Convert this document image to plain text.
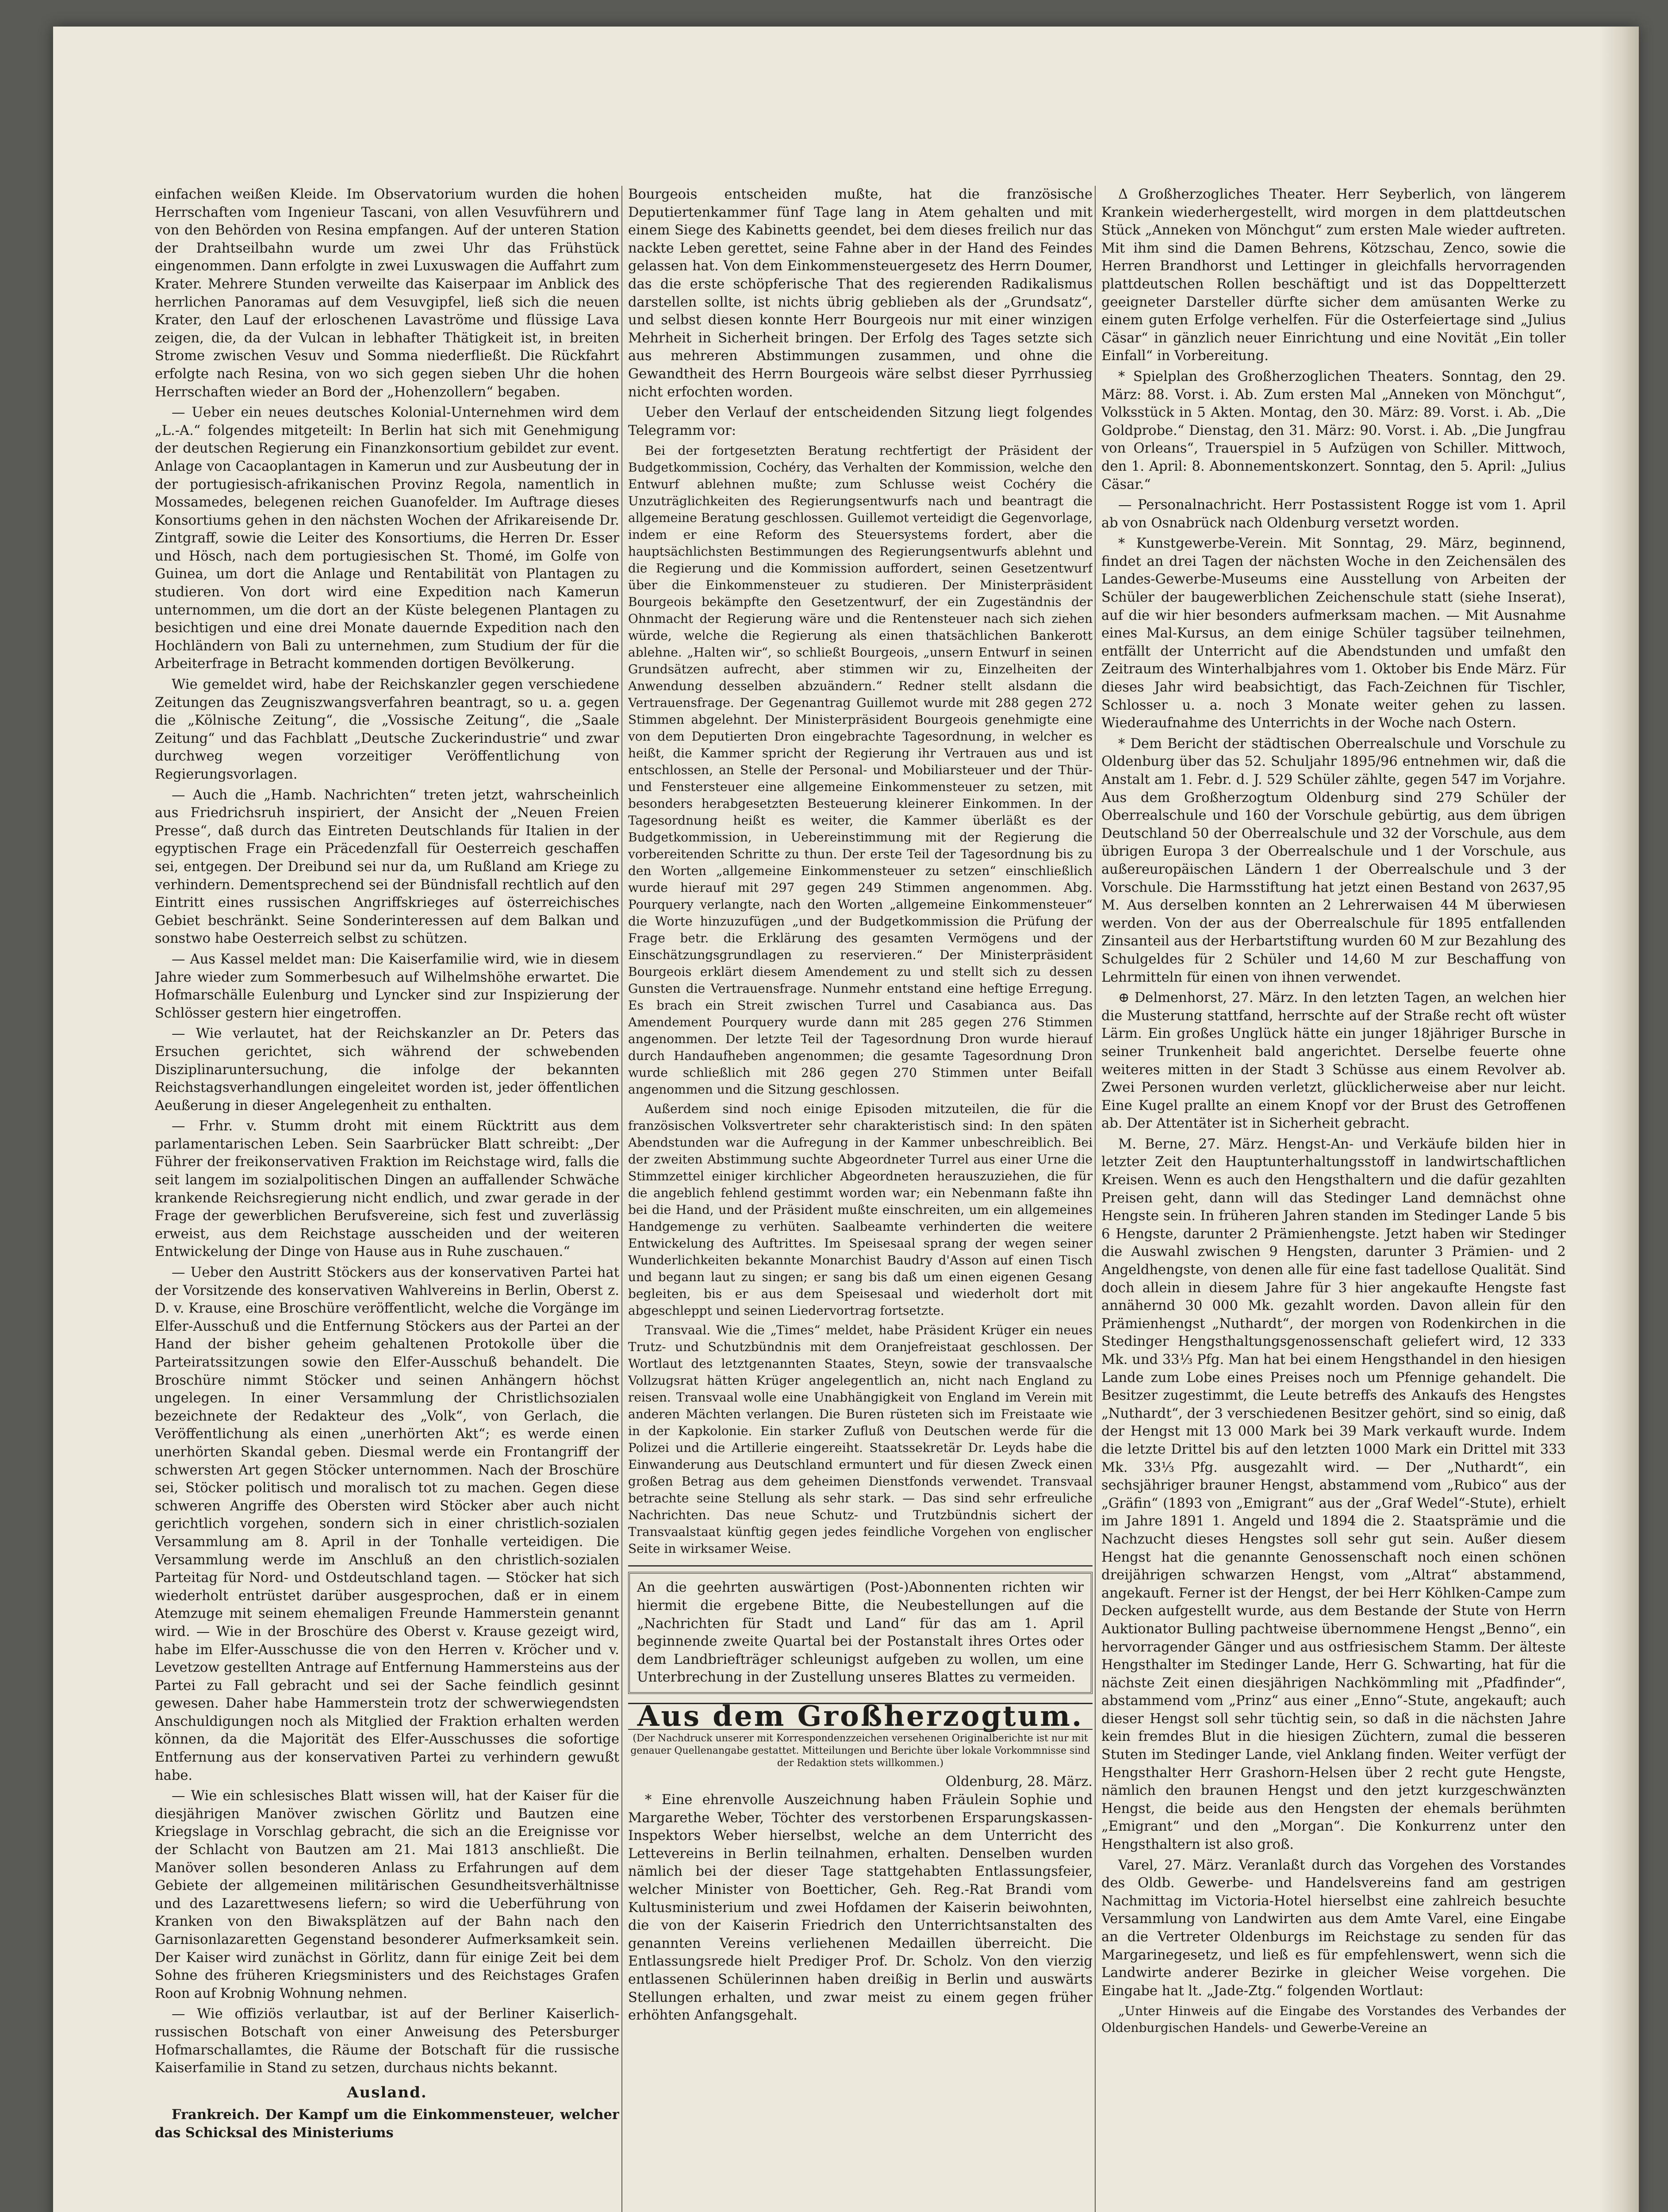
einfachen weißen Kleide. Im Observatorium wurden die hohen Herrschaften vom Ingenieur Tascani, von allen Vesuvführern und von den Behörden von Resina empfangen. Auf der unteren Station der Drahtseilbahn wurde um zwei Uhr das Frühstück eingenommen. Dann erfolgte in zwei Luxuswagen die Auffahrt zum Krater. Mehrere Stunden verweilte das Kaiserpaar im Anblick des herrlichen Panoramas auf dem Vesuvgipfel, ließ sich die neuen Krater, den Lauf der erloschenen Lavaströme und flüssige Lava zeigen, die, da der Vulcan in lebhafter Thätigkeit ist, in breiten Strome zwischen Vesuv und Somma niederfließt. Die Rückfahrt erfolgte nach Resina, von wo sich gegen sieben Uhr die hohen Herrschaften wieder an Bord der „Hohenzollern“ begaben.

— Ueber ein neues deutsches Kolonial-Unternehmen wird dem „L.-A.“ folgendes mitgeteilt: In Berlin hat sich mit Genehmigung der deutschen Regierung ein Finanzkonsortium gebildet zur event. Anlage von Cacaoplantagen in Kamerun und zur Ausbeutung der in der portugiesisch-afrikanischen Provinz Regola, namentlich in Mossamedes, belegenen reichen Guanofelder. Im Auftrage dieses Konsortiums gehen in den nächsten Wochen der Afrikareisende Dr. Zintgraff, sowie die Leiter des Konsortiums, die Herren Dr. Esser und Hösch, nach dem portugiesischen St. Thomé, im Golfe von Guinea, um dort die Anlage und Rentabilität von Plantagen zu studieren. Von dort wird eine Expedition nach Kamerun unternommen, um die dort an der Küste belegenen Plantagen zu besichtigen und eine drei Monate dauernde Expedition nach den Hochländern von Bali zu unternehmen, zum Studium der für die Arbeiterfrage in Betracht kommenden dortigen Bevölkerung.

Wie gemeldet wird, habe der Reichskanzler gegen verschiedene Zeitungen das Zeugniszwangsverfahren beantragt, so u. a. gegen die „Kölnische Zeitung“, die „Vossische Zeitung“, die „Saale Zeitung“ und das Fachblatt „Deutsche Zuckerindustrie“ und zwar durchweg wegen vorzeitiger Veröffentlichung von Regierungsvorlagen.

— Auch die „Hamb. Nachrichten“ treten jetzt, wahrscheinlich aus Friedrichsruh inspiriert, der Ansicht der „Neuen Freien Presse“, daß durch das Eintreten Deutschlands für Italien in der egyptischen Frage ein Präcedenzfall für Oesterreich geschaffen sei, entgegen. Der Dreibund sei nur da, um Rußland am Kriege zu verhindern. Dementsprechend sei der Bündnisfall rechtlich auf den Eintritt eines russischen Angriffskrieges auf österreichisches Gebiet beschränkt. Seine Sonderinteressen auf dem Balkan und sonstwo habe Oesterreich selbst zu schützen.

— Aus Kassel meldet man: Die Kaiserfamilie wird, wie in diesem Jahre wieder zum Sommerbesuch auf Wilhelmshöhe erwartet. Die Hofmarschälle Eulenburg und Lyncker sind zur Inspizierung der Schlösser gestern hier eingetroffen.

— Wie verlautet, hat der Reichskanzler an Dr. Peters das Ersuchen gerichtet, sich während der schwebenden Disziplinaruntersuchung, die infolge der bekannten Reichstagsverhandlungen eingeleitet worden ist, jeder öffentlichen Aeußerung in dieser Angelegenheit zu enthalten.

— Frhr. v. Stumm droht mit einem Rücktritt aus dem parlamentarischen Leben. Sein Saarbrücker Blatt schreibt: „Der Führer der freikonservativen Fraktion im Reichstage wird, falls die seit langem im sozialpolitischen Dingen an auffallender Schwäche krankende Reichsregierung nicht endlich, und zwar gerade in der Frage der gewerblichen Berufsvereine, sich fest und zuverlässig erweist, aus dem Reichstage ausscheiden und der weiteren Entwickelung der Dinge von Hause aus in Ruhe zuschauen.“

— Ueber den Austritt Stöckers aus der konservativen Partei hat der Vorsitzende des konservativen Wahlvereins in Berlin, Oberst z. D. v. Krause, eine Broschüre veröffentlicht, welche die Vorgänge im Elfer-Ausschuß und die Entfernung Stöckers aus der Partei an der Hand der bisher geheim gehaltenen Protokolle über die Parteiratssitzungen sowie den Elfer-Ausschuß behandelt. Die Broschüre nimmt Stöcker und seinen Anhängern höchst ungelegen. In einer Versammlung der Christlichsozialen bezeichnete der Redakteur des „Volk“, von Gerlach, die Veröffentlichung als einen „unerhörten Akt“; es werde einen unerhörten Skandal geben. Diesmal werde ein Frontangriff der schwersten Art gegen Stöcker unternommen. Nach der Broschüre sei, Stöcker politisch und moralisch tot zu machen. Gegen diese schweren Angriffe des Obersten wird Stöcker aber auch nicht gerichtlich vorgehen, sondern sich in einer christlich-sozialen Versammlung am 8. April in der Tonhalle verteidigen. Die Versammlung werde im Anschluß an den christlich-sozialen Parteitag für Nord- und Ostdeutschland tagen. — Stöcker hat sich wiederholt entrüstet darüber ausgesprochen, daß er in einem Atemzuge mit seinem ehemaligen Freunde Hammerstein genannt wird. — Wie in der Broschüre des Oberst v. Krause gezeigt wird, habe im Elfer-Ausschusse die von den Herren v. Kröcher und v. Levetzow gestellten Antrage auf Entfernung Hammersteins aus der Partei zu Fall gebracht und sei der Sache feindlich gesinnt gewesen. Daher habe Hammerstein trotz der schwerwiegendsten Anschuldigungen noch als Mitglied der Fraktion erhalten werden können, da die Majorität des Elfer-Ausschusses die sofortige Entfernung aus der konservativen Partei zu verhindern gewußt habe.

— Wie ein schlesisches Blatt wissen will, hat der Kaiser für die diesjährigen Manöver zwischen Görlitz und Bautzen eine Kriegslage in Vorschlag gebracht, die sich an die Ereignisse vor der Schlacht von Bautzen am 21. Mai 1813 anschließt. Die Manöver sollen besonderen Anlass zu Erfahrungen auf dem Gebiete der allgemeinen militärischen Gesundheitsverhältnisse und des Lazarettwesens liefern; so wird die Ueberführung von Kranken von den Biwaksplätzen auf der Bahn nach den Garnisonlazaretten Gegenstand besonderer Aufmerksamkeit sein. Der Kaiser wird zunächst in Görlitz, dann für einige Zeit bei dem Sohne des früheren Kriegsministers und des Reichstages Grafen Roon auf Krobnig Wohnung nehmen.

— Wie offiziös verlautbar, ist auf der Berliner Kaiserlich-russischen Botschaft von einer Anweisung des Petersburger Hofmarschallamtes, die Räume der Botschaft für die russische Kaiserfamilie in Stand zu setzen, durchaus nichts bekannt.

Ausland.

Frankreich. Der Kampf um die Einkommensteuer, welcher das Schicksal des Ministeriums

Bourgeois entscheiden mußte, hat die französische Deputiertenkammer fünf Tage lang in Atem gehalten und mit einem Siege des Kabinetts geendet, bei dem dieses freilich nur das nackte Leben gerettet, seine Fahne aber in der Hand des Feindes gelassen hat. Von dem Einkommensteuergesetz des Herrn Doumer, das die erste schöpferische That des regierenden Radikalismus darstellen sollte, ist nichts übrig geblieben als der „Grundsatz“, und selbst diesen konnte Herr Bourgeois nur mit einer winzigen Mehrheit in Sicherheit bringen. Der Erfolg des Tages setzte sich aus mehreren Abstimmungen zusammen, und ohne die Gewandtheit des Herrn Bourgeois wäre selbst dieser Pyrrhussieg nicht erfochten worden.

Ueber den Verlauf der entscheidenden Sitzung liegt folgendes Telegramm vor:

Bei der fortgesetzten Beratung rechtfertigt der Präsident der Budgetkommission, Cochéry, das Verhalten der Kommission, welche den Entwurf ablehnen mußte; zum Schlusse weist Cochéry die Unzuträglichkeiten des Regierungsentwurfs nach und beantragt die allgemeine Beratung geschlossen. Guillemot verteidigt die Gegenvorlage, indem er eine Reform des Steuersystems fordert, aber die hauptsächlichsten Bestimmungen des Regierungsentwurfs ablehnt und die Regierung und die Kommission auffordert, seinen Gesetzentwurf über die Einkommensteuer zu studieren. Der Ministerpräsident Bourgeois bekämpfte den Gesetzentwurf, der ein Zugeständnis der Ohnmacht der Regierung wäre und die Rentensteuer nach sich ziehen würde, welche die Regierung als einen thatsächlichen Bankerott ablehne. „Halten wir“, so schließt Bourgeois, „unsern Entwurf in seinen Grundsätzen aufrecht, aber stimmen wir zu, Einzelheiten der Anwendung desselben abzuändern.“ Redner stellt alsdann die Vertrauensfrage. Der Gegenantrag Guillemot wurde mit 288 gegen 272 Stimmen abgelehnt. Der Ministerpräsident Bourgeois genehmigte eine von dem Deputierten Dron eingebrachte Tagesordnung, in welcher es heißt, die Kammer spricht der Regierung ihr Vertrauen aus und ist entschlossen, an Stelle der Personal- und Mobiliarsteuer und der Thür- und Fenstersteuer eine allgemeine Einkommensteuer zu setzen, mit besonders herabgesetzten Besteuerung kleinerer Einkommen. In der Tagesordnung heißt es weiter, die Kammer überläßt es der Budgetkommission, in Uebereinstimmung mit der Regierung die vorbereitenden Schritte zu thun. Der erste Teil der Tagesordnung bis zu den Worten „allgemeine Einkommensteuer zu setzen“ einschließlich wurde hierauf mit 297 gegen 249 Stimmen angenommen. Abg. Pourquery verlangte, nach den Worten „allgemeine Einkommensteuer“ die Worte hinzuzufügen „und der Budgetkommission die Prüfung der Frage betr. die Erklärung des gesamten Vermögens und der Einschätzungsgrundlagen zu reservieren.“ Der Ministerpräsident Bourgeois erklärt diesem Amendement zu und stellt sich zu dessen Gunsten die Vertrauensfrage. Nunmehr entstand eine heftige Erregung. Es brach ein Streit zwischen Turrel und Casabianca aus. Das Amendement Pourquery wurde dann mit 285 gegen 276 Stimmen angenommen. Der letzte Teil der Tagesordnung Dron wurde hierauf durch Handaufheben angenommen; die gesamte Tagesordnung Dron wurde schließlich mit 286 gegen 270 Stimmen unter Beifall angenommen und die Sitzung geschlossen.

Außerdem sind noch einige Episoden mitzuteilen, die für die französischen Volksvertreter sehr charakteristisch sind: In den späten Abendstunden war die Aufregung in der Kammer unbeschreiblich. Bei der zweiten Abstimmung suchte Abgeordneter Turrel aus einer Urne die Stimmzettel einiger kirchlicher Abgeordneten herauszuziehen, die für die angeblich fehlend gestimmt worden war; ein Nebenmann faßte ihn bei die Hand, und der Präsident mußte einschreiten, um ein allgemeines Handgemenge zu verhüten. Saalbeamte verhinderten die weitere Entwickelung des Auftrittes. Im Speisesaal sprang der wegen seiner Wunderlichkeiten bekannte Monarchist Baudry d'Asson auf einen Tisch und begann laut zu singen; er sang bis daß um einen eigenen Gesang begleiten, bis er aus dem Speisesaal und wiederholt dort mit abgeschleppt und seinen Liedervortrag fortsetzte.

Transvaal. Wie die „Times“ meldet, habe Präsident Krüger ein neues Trutz- und Schutzbündnis mit dem Oranjefreistaat geschlossen. Der Wortlaut des letztgenannten Staates, Steyn, sowie der transvaalsche Vollzugsrat hätten Krüger angelegentlich an, nicht nach England zu reisen. Transvaal wolle eine Unabhängigkeit von England im Verein mit anderen Mächten verlangen. Die Buren rüsteten sich im Freistaate wie in der Kapkolonie. Ein starker Zufluß von Deutschen werde für die Polizei und die Artillerie eingereiht. Staatssekretär Dr. Leyds habe die Einwanderung aus Deutschland ermuntert und für diesen Zweck einen großen Betrag aus dem geheimen Dienstfonds verwendet. Transvaal betrachte seine Stellung als sehr stark. — Das sind sehr erfreuliche Nachrichten. Das neue Schutz- und Trutzbündnis sichert der Transvaalstaat künftig gegen jedes feindliche Vorgehen von englischer Seite in wirksamer Weise.

An die geehrten auswärtigen (Post-)Abonnenten richten wir hiermit die ergebene Bitte, die Neubestellungen auf die „Nachrichten für Stadt und Land“ für das am 1. April beginnende zweite Quartal bei der Postanstalt ihres Ortes oder dem Landbriefträger schleunigst aufgeben zu wollen, um eine Unterbrechung in der Zustellung unseres Blattes zu vermeiden.

Aus dem Großherzogtum.

(Der Nachdruck unserer mit Korrespondenzzeichen versehenen Originalberichte ist nur mit genauer Quellenangabe gestattet. Mitteilungen und Berichte über lokale Vorkommnisse sind der Redaktion stets willkommen.)

Oldenburg, 28. März.

* Eine ehrenvolle Auszeichnung haben Fräulein Sophie und Margarethe Weber, Töchter des verstorbenen Ersparungskassen-Inspektors Weber hierselbst, welche an dem Unterricht des Lettevereins in Berlin teilnahmen, erhalten. Denselben wurden nämlich bei der dieser Tage stattgehabten Entlassungsfeier, welcher Minister von Boetticher, Geh. Reg.-Rat Brandi vom Kultusministerium und zwei Hofdamen der Kaiserin beiwohnten, die von der Kaiserin Friedrich den Unterrichtsanstalten des genannten Vereins verliehenen Medaillen überreicht. Die Entlassungsrede hielt Prediger Prof. Dr. Scholz. Von den vierzig entlassenen Schülerinnen haben dreißig in Berlin und auswärts Stellungen erhalten, und zwar meist zu einem gegen früher erhöhten Anfangsgehalt.

Δ Großherzogliches Theater. Herr Seyberlich, von längerem Krankein wiederhergestellt, wird morgen in dem plattdeutschen Stück „Anneken von Mönchgut“ zum ersten Male wieder auftreten. Mit ihm sind die Damen Behrens, Kötzschau, Zenco, sowie die Herren Brandhorst und Lettinger in gleichfalls hervorragenden plattdeutschen Rollen beschäftigt und ist das Doppeltterzett geeigneter Darsteller dürfte sicher dem amüsanten Werke zu einem guten Erfolge verhelfen. Für die Osterfeiertage sind „Julius Cäsar“ in gänzlich neuer Einrichtung und eine Novität „Ein toller Einfall“ in Vorbereitung.

* Spielplan des Großherzoglichen Theaters. Sonntag, den 29. März: 88. Vorst. i. Ab. Zum ersten Mal „Anneken von Mönchgut“, Volksstück in 5 Akten. Montag, den 30. März: 89. Vorst. i. Ab. „Die Goldprobe.“ Dienstag, den 31. März: 90. Vorst. i. Ab. „Die Jungfrau von Orleans“, Trauerspiel in 5 Aufzügen von Schiller. Mittwoch, den 1. April: 8. Abonnementskonzert. Sonntag, den 5. April: „Julius Cäsar.“

— Personalnachricht. Herr Postassistent Rogge ist vom 1. April ab von Osnabrück nach Oldenburg versetzt worden.

* Kunstgewerbe-Verein. Mit Sonntag, 29. März, beginnend, findet an drei Tagen der nächsten Woche in den Zeichensälen des Landes-Gewerbe-Museums eine Ausstellung von Arbeiten der Schüler der baugewerblichen Zeichenschule statt (siehe Inserat), auf die wir hier besonders aufmerksam machen. — Mit Ausnahme eines Mal-Kursus, an dem einige Schüler tagsüber teilnehmen, entfällt der Unterricht auf die Abendstunden und umfaßt den Zeitraum des Winterhalbjahres vom 1. Oktober bis Ende März. Für dieses Jahr wird beabsichtigt, das Fach-Zeichnen für Tischler, Schlosser u. a. noch 3 Monate weiter gehen zu lassen. Wiederaufnahme des Unterrichts in der Woche nach Ostern.

* Dem Bericht der städtischen Oberrealschule und Vorschule zu Oldenburg über das 52. Schuljahr 1895/96 entnehmen wir, daß die Anstalt am 1. Febr. d. J. 529 Schüler zählte, gegen 547 im Vorjahre. Aus dem Großherzogtum Oldenburg sind 279 Schüler der Oberrealschule und 160 der Vorschule gebürtig, aus dem übrigen Deutschland 50 der Oberrealschule und 32 der Vorschule, aus dem übrigen Europa 3 der Oberrealschule und 1 der Vorschule, aus außereuropäischen Ländern 1 der Oberrealschule und 3 der Vorschule. Die Harmsstiftung hat jetzt einen Bestand von 2637,95 M. Aus derselben konnten an 2 Lehrerwaisen 44 M überwiesen werden. Von der aus der Oberrealschule für 1895 entfallenden Zinsanteil aus der Herbartstiftung wurden 60 M zur Bezahlung des Schulgeldes für 2 Schüler und 14,60 M zur Beschaffung von Lehrmitteln für einen von ihnen verwendet.

⊕ Delmenhorst, 27. März. In den letzten Tagen, an welchen hier die Musterung stattfand, herrschte auf der Straße recht oft wüster Lärm. Ein großes Unglück hätte ein junger 18jähriger Bursche in seiner Trunkenheit bald angerichtet. Derselbe feuerte ohne weiteres mitten in der Stadt 3 Schüsse aus einem Revolver ab. Zwei Personen wurden verletzt, glücklicherweise aber nur leicht. Eine Kugel prallte an einem Knopf vor der Brust des Getroffenen ab. Der Attentäter ist in Sicherheit gebracht.

M. Berne, 27. März. Hengst-An- und Verkäufe bilden hier in letzter Zeit den Hauptunterhaltungsstoff in landwirtschaftlichen Kreisen. Wenn es auch den Hengsthaltern und die dafür gezahlten Preisen geht, dann will das Stedinger Land demnächst ohne Hengste sein. In früheren Jahren standen im Stedinger Lande 5 bis 6 Hengste, darunter 2 Prämienhengste. Jetzt haben wir Stedinger die Auswahl zwischen 9 Hengsten, darunter 3 Prämien- und 2 Angeldhengste, von denen alle für eine fast tadellose Qualität. Sind doch allein in diesem Jahre für 3 hier angekaufte Hengste fast annähernd 30 000 Mk. gezahlt worden. Davon allein für den Prämienhengst „Nuthardt“, der morgen von Rodenkirchen in die Stedinger Hengsthaltungsgenossenschaft geliefert wird, 12 333 Mk. und 33⅓ Pfg. Man hat bei einem Hengsthandel in den hiesigen Lande zum Lobe eines Preises noch um Pfennige gehandelt. Die Besitzer zugestimmt, die Leute betreffs des Ankaufs des Hengstes „Nuthardt“, der 3 verschiedenen Besitzer gehört, sind so einig, daß der Hengst mit 13 000 Mark bei 39 Mark verkauft wurde. Indem die letzte Drittel bis auf den letzten 1000 Mark ein Drittel mit 333 Mk. 33⅓ Pfg. ausgezahlt wird. — Der „Nuthardt“, ein sechsjähriger brauner Hengst, abstammend vom „Rubico“ aus der „Gräfin“ (1893 von „Emigrant“ aus der „Graf Wedel“-Stute), erhielt im Jahre 1891 1. Angeld und 1894 die 2. Staatsprämie und die Nachzucht dieses Hengstes soll sehr gut sein. Außer diesem Hengst hat die genannte Genossenschaft noch einen schönen dreijährigen schwarzen Hengst, vom „Altrat“ abstammend, angekauft. Ferner ist der Hengst, der bei Herr Köhlken-Campe zum Decken aufgestellt wurde, aus dem Bestande der Stute von Herrn Auktionator Bulling pachtweise übernommene Hengst „Benno“, ein hervorragender Gänger und aus ostfriesischem Stamm. Der älteste Hengsthalter im Stedinger Lande, Herr G. Schwarting, hat für die nächste Zeit einen diesjährigen Nachkömmling mit „Pfadfinder“, abstammend vom „Prinz“ aus einer „Enno“-Stute, angekauft; auch dieser Hengst soll sehr tüchtig sein, so daß in die nächsten Jahre kein fremdes Blut in die hiesigen Züchtern, zumal die besseren Stuten im Stedinger Lande, viel Anklang finden. Weiter verfügt der Hengsthalter Herr Grashorn-Helsen über 2 recht gute Hengste, nämlich den braunen Hengst und den jetzt kurzgeschwänzten Hengst, die beide aus den Hengsten der ehemals berühmten „Emigrant“ und den „Morgan“. Die Konkurrenz unter den Hengsthaltern ist also groß.

Varel, 27. März. Veranlaßt durch das Vorgehen des Vorstandes des Oldb. Gewerbe- und Handelsvereins fand am gestrigen Nachmittag im Victoria-Hotel hierselbst eine zahlreich besuchte Versammlung von Landwirten aus dem Amte Varel, eine Eingabe an die Vertreter Oldenburgs im Reichstage zu senden für das Margarinegesetz, und ließ es für empfehlenswert, wenn sich die Landwirte anderer Bezirke in gleicher Weise vorgehen. Die Eingabe hat lt. „Jade-Ztg.“ folgenden Wortlaut:

„Unter Hinweis auf die Eingabe des Vorstandes des Verbandes der Oldenburgischen Handels- und Gewerbe-Vereine an
